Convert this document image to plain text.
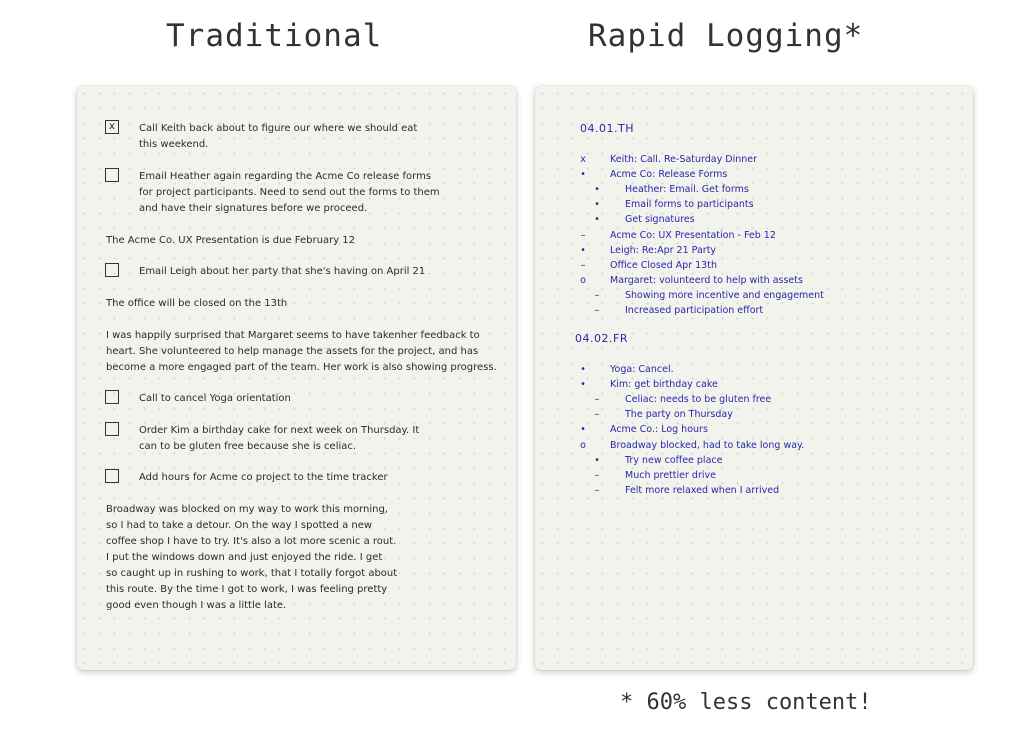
Traditional	Rapid Logging*
x	Call Keith back about to figure our where we should eat
this weekend.
Email Heather again regarding the Acme Co release forms
for project participants. Need to send out the forms to them
and have their signatures before we proceed.
The Acme Co. UX Presentation is due February 12
Email Leigh about her party that she's having on April 21
The office will be closed on the 13th
I was happily surprised that Margaret seems to have takenher feedback to
heart. She volunteered to help manage the assets for the project, and has
become a more engaged part of the team. Her work is also showing progress.
Call to cancel Yoga orientation
Order Kim a birthday cake for next week on Thursday. It
can to be gluten free because she is celiac.
Add hours for Acme co project to the time tracker
Broadway was blocked on my way to work this morning,
so I had to take a detour. On the way I spotted a new
coffee shop I have to try. It's also a lot more scenic a rout.
I put the windows down and just enjoyed the ride. I get
so caught up in rushing to work, that I totally forgot about
this route. By the time I got to work, I was feeling pretty
good even though I was a little late.
04.01.TH
x	Keith: Call. Re-Saturday Dinner
•	Acme Co: Release Forms
•	Heather: Email. Get forms
•	Email forms to participants
•	Get signatures
–	Acme Co: UX Presentation - Feb 12
•	Leigh: Re:Apr 21 Party
–	Office Closed Apr 13th
o	Margaret: volunteerd to help with assets
–	Showing more incentive and engagement
–	Increased participation effort
04.02.FR
•	Yoga: Cancel.
•	Kim: get birthday cake
–	Celiac: needs to be gluten free
–	The party on Thursday
•	Acme Co.: Log hours
o	Broadway blocked, had to take long way.
•	Try new coffee place
–	Much prettier drive
–	Felt more relaxed when I arrived
* 60% less content!
